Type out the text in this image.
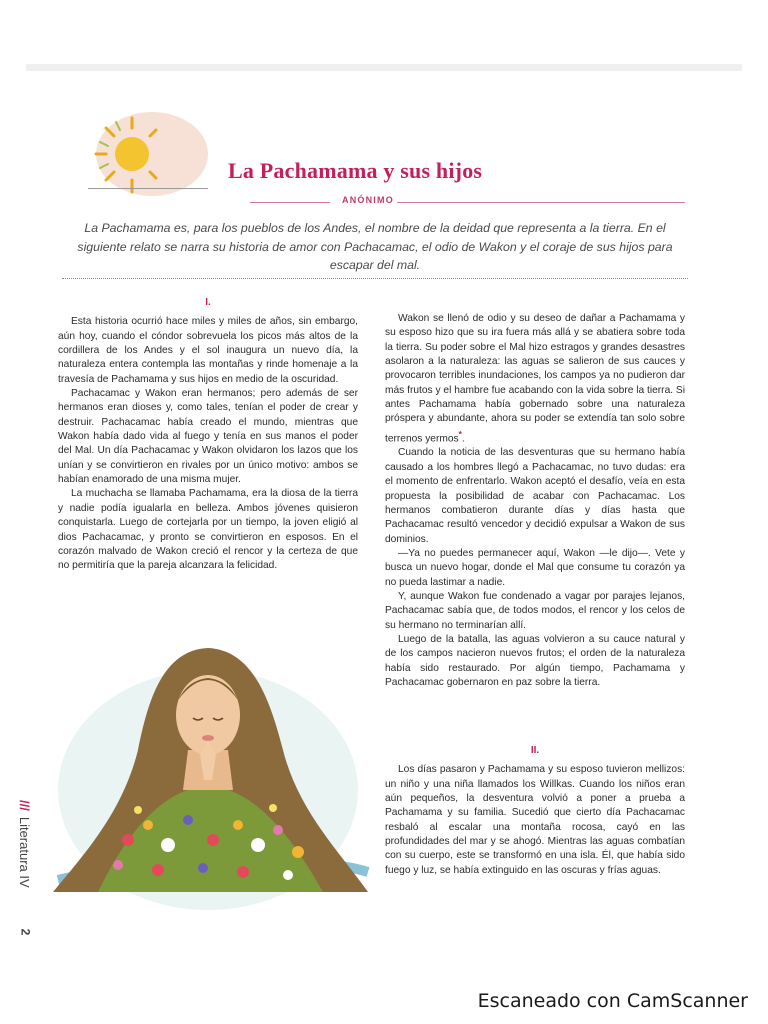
La Pachamama y sus hijos
ANÓNIMO
La Pachamama es, para los pueblos de los Andes, el nombre de la deidad que representa a la tierra. En el siguiente relato se narra su historia de amor con Pachacamac, el odio de Wakon y el coraje de sus hijos para escapar del mal.
I.

Esta historia ocurrió hace miles y miles de años, sin embargo, aún hoy, cuando el cóndor sobrevuela los picos más altos de la cordillera de los Andes y el sol inaugura un nuevo día, la naturaleza entera contempla las montañas y rinde homenaje a la travesía de Pachamama y sus hijos en medio de la oscuridad.

Pachacamac y Wakon eran hermanos; pero además de ser hermanos eran dioses y, como tales, tenían el poder de crear y destruir. Pachacamac había creado el mundo, mientras que Wakon había dado vida al fuego y tenía en sus manos el poder del Mal. Un día Pachacamac y Wakon olvidaron los lazos que los unían y se convirtieron en rivales por un único motivo: ambos se habían enamorado de una misma mujer.

La muchacha se llamaba Pachamama, era la diosa de la tierra y nadie podía igualarla en belleza. Ambos jóvenes quisieron conquistarla. Luego de cortejarla por un tiempo, la joven eligió al dios Pachacamac, y pronto se convirtieron en esposos. En el corazón malvado de Wakon creció el rencor y la certeza de que no permitiría que la pareja alcanzara la felicidad.

Wakon se llenó de odio y su deseo de dañar a Pachamama y su esposo hizo que su ira fuera más allá y se abatiera sobre toda la tierra. Su poder sobre el Mal hizo estragos y grandes desastres asolaron a la naturaleza: las aguas se salieron de sus cauces y provocaron terribles inundaciones, los campos ya no pudieron dar más frutos y el hambre fue acabando con la vida sobre la tierra. Si antes Pachamama había gobernado sobre una naturaleza próspera y abundante, ahora su poder se extendía tan solo sobre terrenos yermos*.

Cuando la noticia de las desventuras que su hermano había causado a los hombres llegó a Pachacamac, no tuvo dudas: era el momento de enfrentarlo. Wakon aceptó el desafío, veía en esta propuesta la posibilidad de acabar con Pachacamac. Los hermanos combatieron durante días y días hasta que Pachacamac resultó vencedor y decidió expulsar a Wakon de sus dominios.

—Ya no puedes permanecer aquí, Wakon —le dijo—. Vete y busca un nuevo hogar, donde el Mal que consume tu corazón ya no pueda lastimar a nadie.

Y, aunque Wakon fue condenado a vagar por parajes lejanos, Pachacamac sabía que, de todos modos, el rencor y los celos de su hermano no terminarían allí.

Luego de la batalla, las aguas volvieron a su cauce natural y de los campos nacieron nuevos frutos; el orden de la naturaleza había sido restaurado. Por algún tiempo, Pachamama y Pachacamac gobernaron en paz sobre la tierra.

II.

Los días pasaron y Pachamama y su esposo tuvieron mellizos: un niño y una niña llamados los Willkas. Cuando los niños eran aún pequeños, la desventura volvió a poner a prueba a Pachamama y su familia. Sucedió que cierto día Pachacamac resbaló al escalar una montaña rocosa, cayó en las profundidades del mar y se ahogó. Mientras las aguas combatían con su cuerpo, este se transformó en una isla. Él, que había sido fuego y luz, se había extinguido en las oscuras y frías aguas.

///Literatura IV
2
Escaneado con CamScanner
